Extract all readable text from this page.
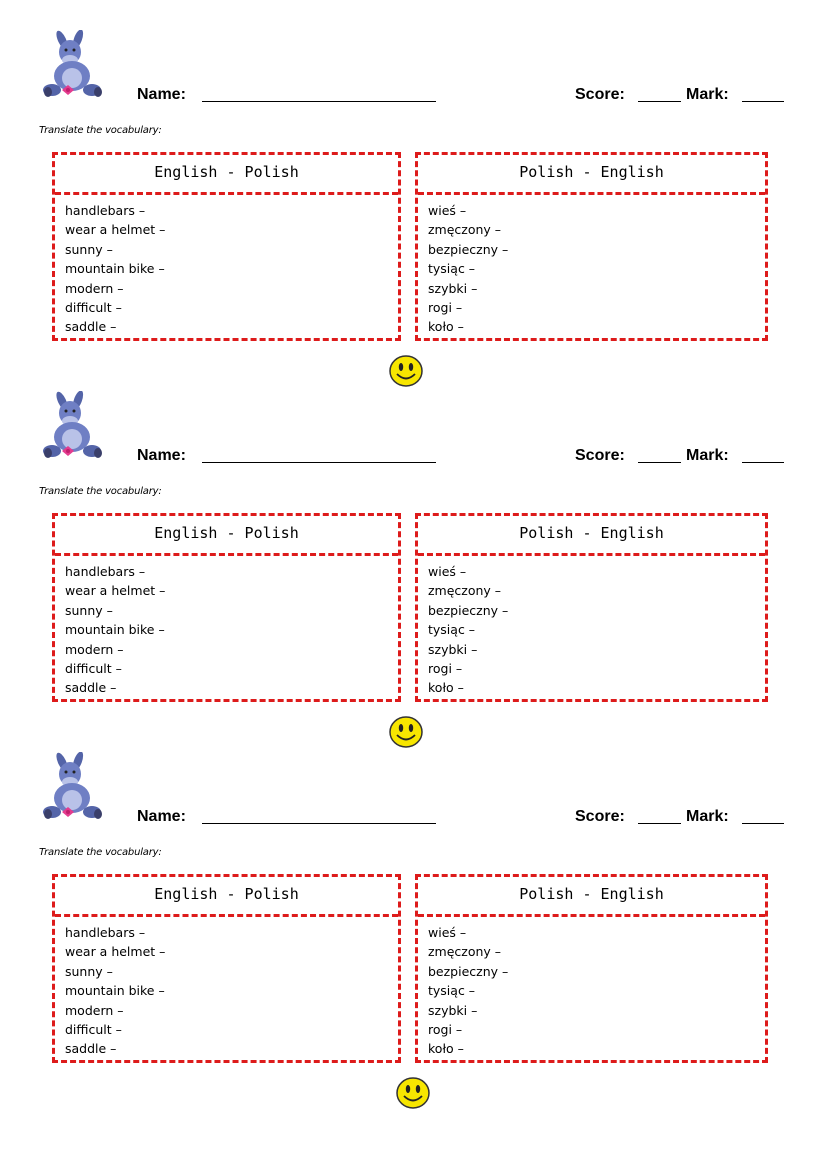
Name:	Score:	Mark:
Translate the vocabulary:
English - Polish
handlebars –
wear a helmet –
sunny –
mountain bike –
modern –
difficult –
saddle –
Polish - English
wieś –
zmęczony –
bezpieczny –
tysiąc –
szybki –
rogi –
koło –
Name:	Score:	Mark:
Translate the vocabulary:
English - Polish
handlebars –
wear a helmet –
sunny –
mountain bike –
modern –
difficult –
saddle –
Polish - English
wieś –
zmęczony –
bezpieczny –
tysiąc –
szybki –
rogi –
koło –
Name:	Score:	Mark:
Translate the vocabulary:
English - Polish
handlebars –
wear a helmet –
sunny –
mountain bike –
modern –
difficult –
saddle –
Polish - English
wieś –
zmęczony –
bezpieczny –
tysiąc –
szybki –
rogi –
koło –
